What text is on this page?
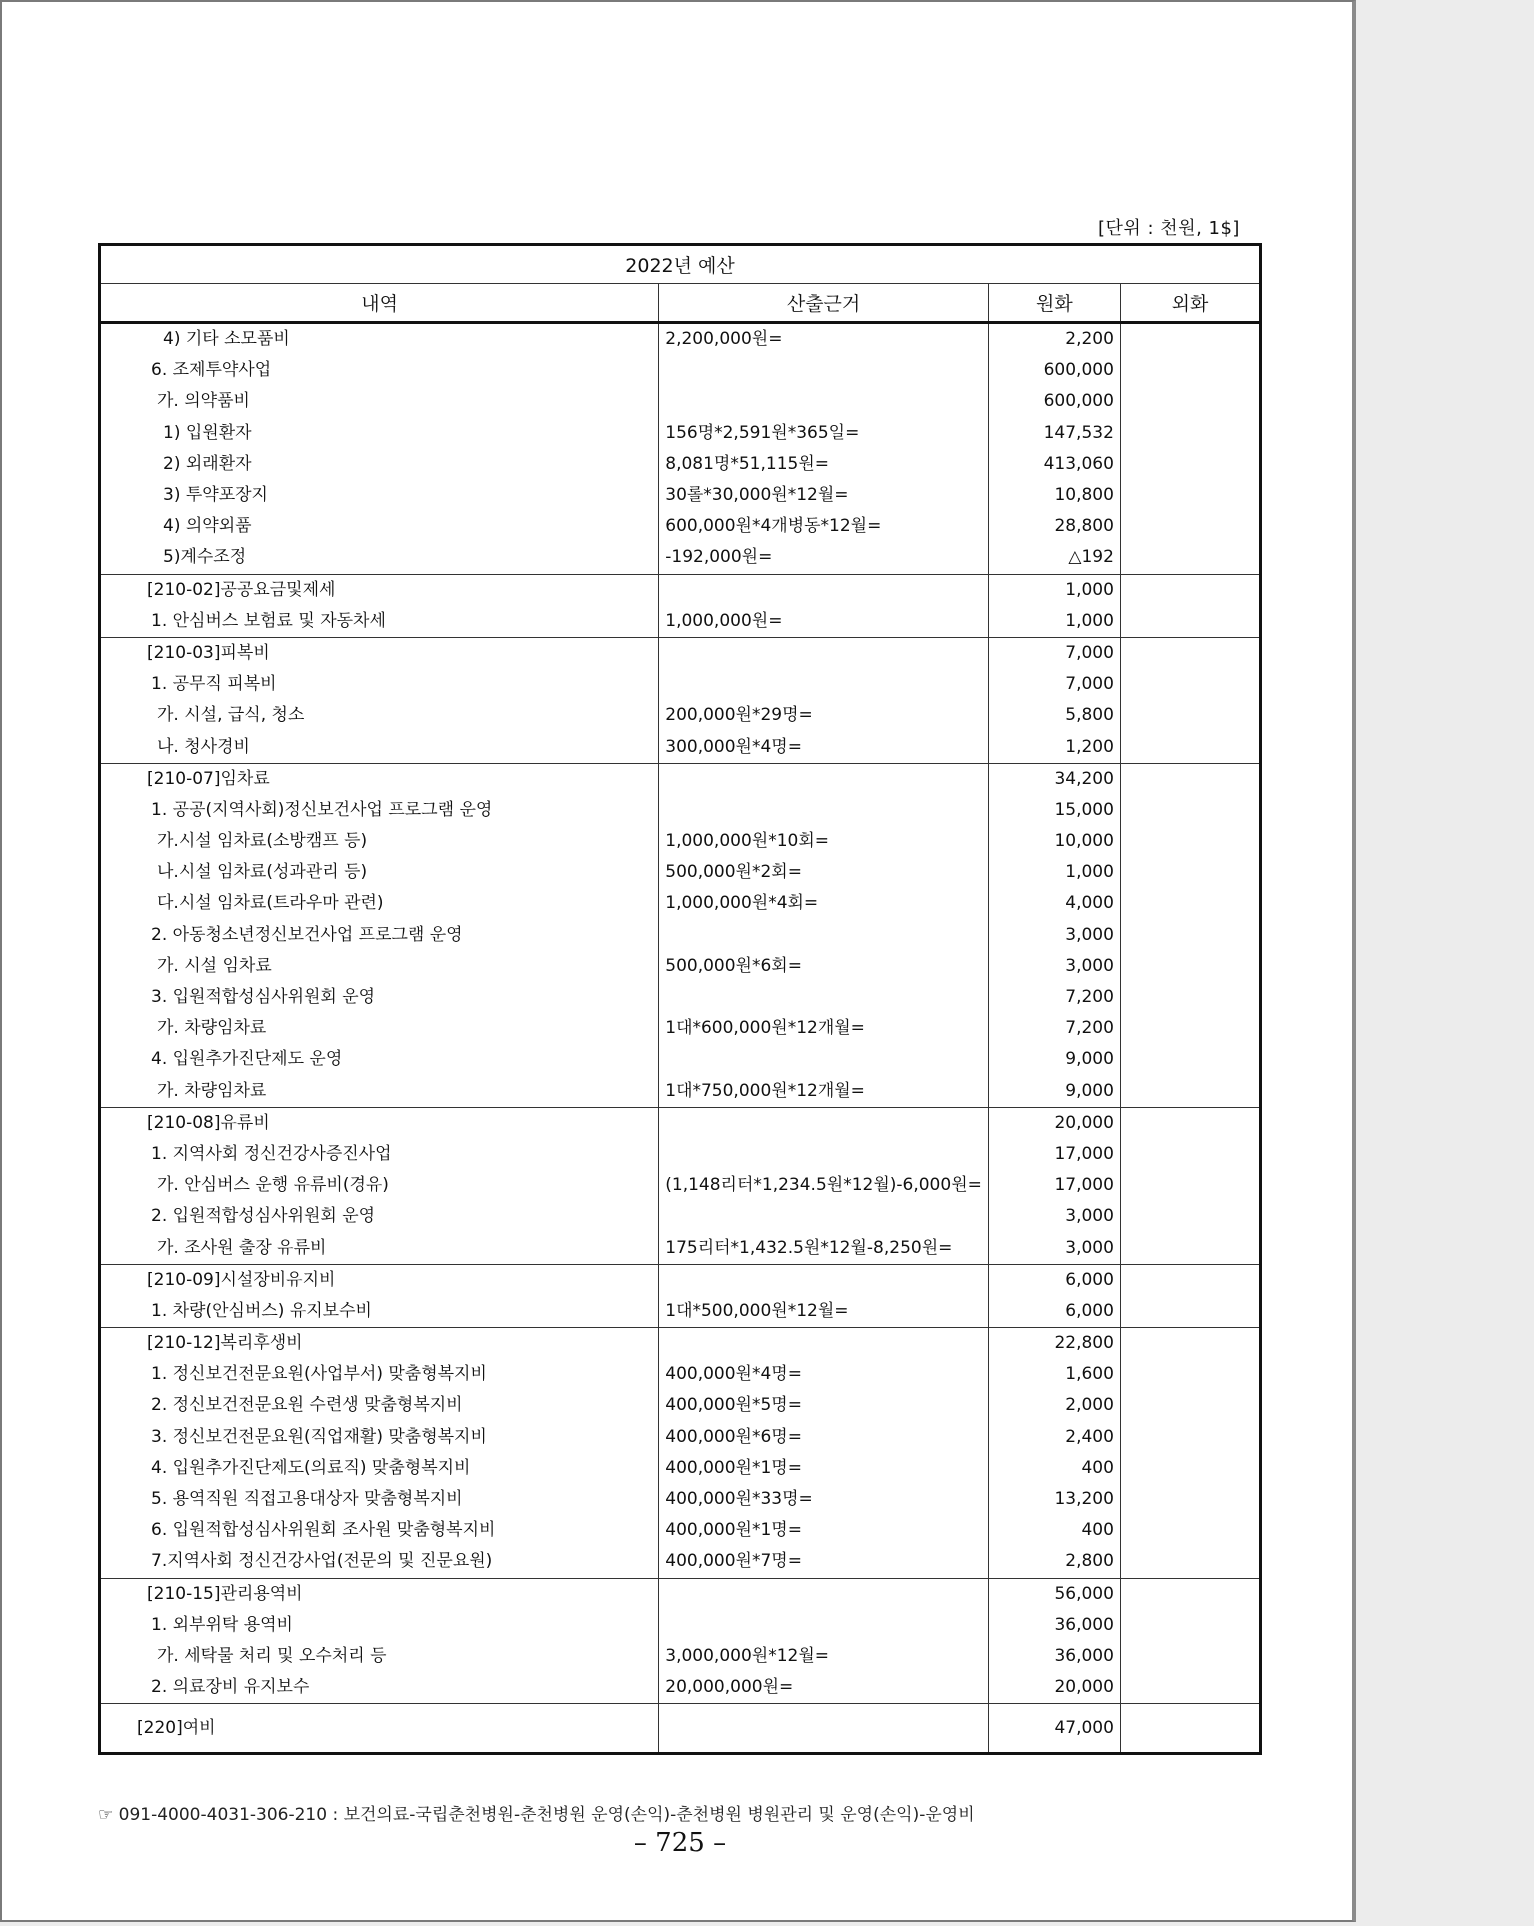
[단위 : 천원, 1$]
2022년 예산			
내역	산출근거	원화	외화
4) 기타 소모품비	2,200,000원=	2,200	
6. 조제투약사업		600,000	
가. 의약품비		600,000	
1) 입원환자	156명*2,591원*365일=	147,532	
2) 외래환자	8,081명*51,115원=	413,060	
3) 투약포장지	30롤*30,000원*12월=	10,800	
4) 의약외품	600,000원*4개병동*12월=	28,800	
5)계수조정	-192,000원=	△192	
[210-02]공공요금및제세		1,000	
1. 안심버스 보험료 및 자동차세	1,000,000원=	1,000	
[210-03]피복비		7,000	
1. 공무직 피복비		7,000	
가. 시설, 급식, 청소	200,000원*29명=	5,800	
나. 청사경비	300,000원*4명=	1,200	
[210-07]임차료		34,200	
1. 공공(지역사회)정신보건사업 프로그램 운영		15,000	
가.시설 임차료(소방캠프 등)	1,000,000원*10회=	10,000	
나.시설 임차료(성과관리 등)	500,000원*2회=	1,000	
다.시설 임차료(트라우마 관련)	1,000,000원*4회=	4,000	
2. 아동청소년정신보건사업 프로그램 운영		3,000	
가. 시설 임차료	500,000원*6회=	3,000	
3. 입원적합성심사위원회 운영		7,200	
가. 차량임차료	1대*600,000원*12개월=	7,200	
4. 입원추가진단제도 운영		9,000	
가. 차량임차료	1대*750,000원*12개월=	9,000	
[210-08]유류비		20,000	
1. 지역사회 정신건강사증진사업		17,000	
가. 안심버스 운행 유류비(경유)	(1,148리터*1,234.5원*12월)-6,000원=	17,000	
2. 입원적합성심사위원회 운영		3,000	
가. 조사원 출장 유류비	175리터*1,432.5원*12월-8,250원=	3,000	
[210-09]시설장비유지비		6,000	
1. 차량(안심버스) 유지보수비	1대*500,000원*12월=	6,000	
[210-12]복리후생비		22,800	
1. 정신보건전문요원(사업부서) 맞춤형복지비	400,000원*4명=	1,600	
2. 정신보건전문요원 수련생 맞춤형복지비	400,000원*5명=	2,000	
3. 정신보건전문요원(직업재활) 맞춤형복지비	400,000원*6명=	2,400	
4. 입원추가진단제도(의료직) 맞춤형복지비	400,000원*1명=	400	
5. 용역직원 직접고용대상자 맞춤형복지비	400,000원*33명=	13,200	
6. 입원적합성심사위원회 조사원 맞춤형복지비	400,000원*1명=	400	
7.지역사회 정신건강사업(전문의 및 진문요원)	400,000원*7명=	2,800	
[210-15]관리용역비		56,000	
1. 외부위탁 용역비		36,000	
가. 세탁물 처리 및 오수처리 등	3,000,000원*12월=	36,000	
2. 의료장비 유지보수	20,000,000원=	20,000	
[220]여비		47,000	
☞ 091-4000-4031-306-210 : 보건의료-국립춘천병원-춘천병원 운영(손익)-춘천병원 병원관리 및 운영(손익)-운영비
– 725 –
